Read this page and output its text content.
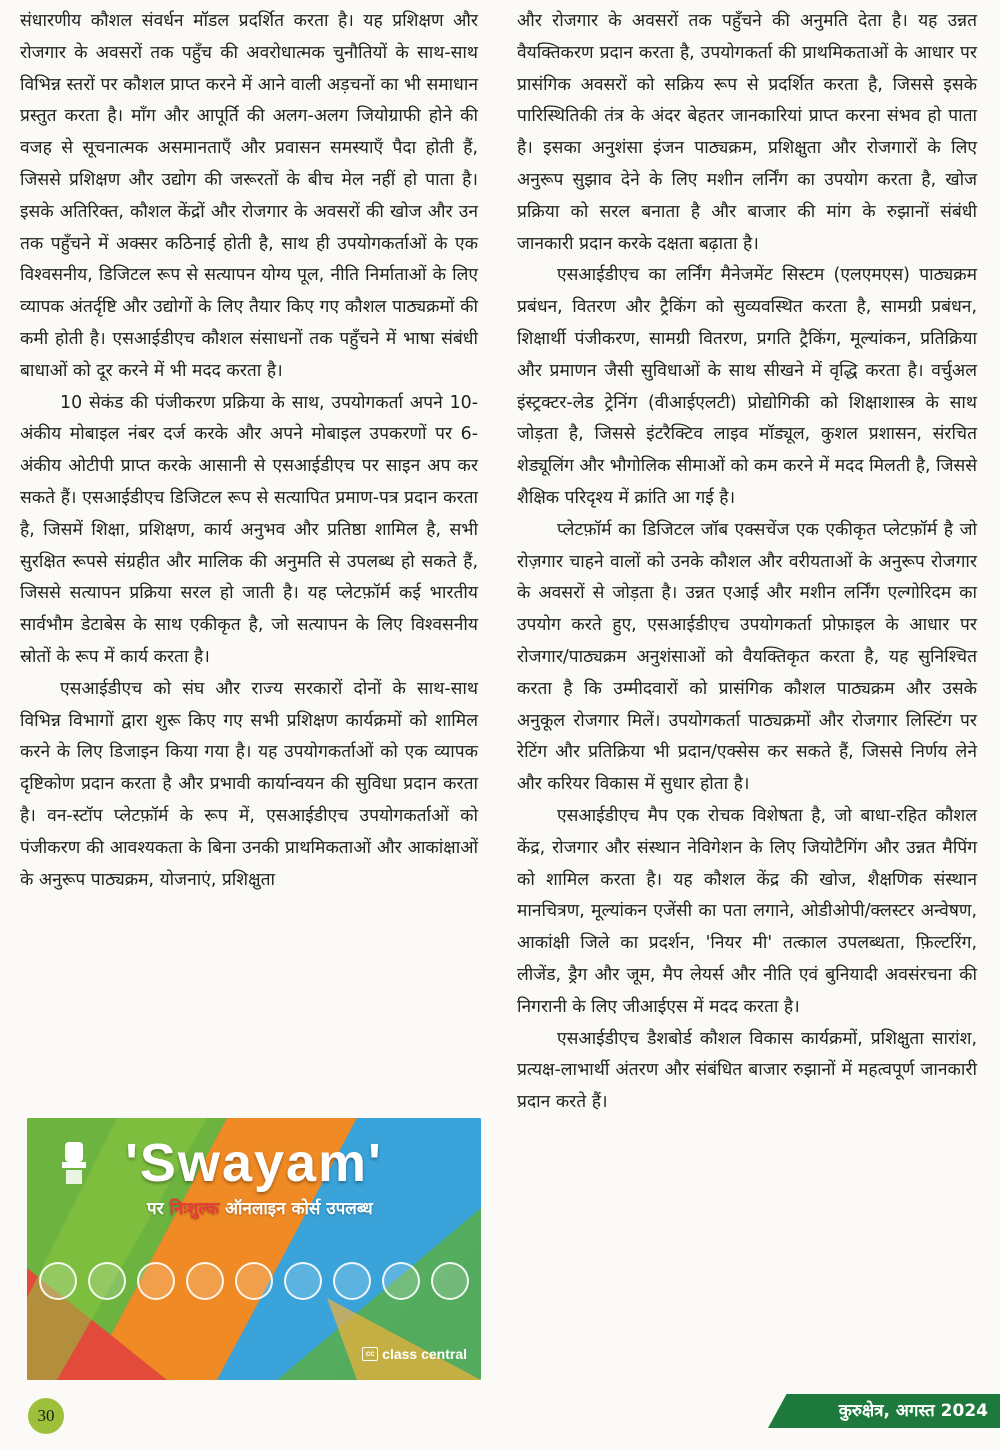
संधारणीय कौशल संवर्धन मॉडल प्रदर्शित करता है। यह प्रशिक्षण और रोजगार के अवसरों तक पहुँच की अवरोधात्मक चुनौतियों के साथ-साथ विभिन्न स्तरों पर कौशल प्राप्त करने में आने वाली अड़चनों का भी समाधान प्रस्तुत करता है। माँग और आपूर्ति की अलग-अलग जियोग्राफी होने की वजह से सूचनात्मक असमानताएँ और प्रवासन समस्याएँ पैदा होती हैं, जिससे प्रशिक्षण और उद्योग की जरूरतों के बीच मेल नहीं हो पाता है। इसके अतिरिक्त, कौशल केंद्रों और रोजगार के अवसरों की खोज और उन तक पहुँचने में अक्सर कठिनाई होती है, साथ ही उपयोगकर्ताओं के एक विश्वसनीय, डिजिटल रूप से सत्यापन योग्य पूल, नीति निर्माताओं के लिए व्यापक अंतर्दृष्टि और उद्योगों के लिए तैयार किए गए कौशल पाठ्यक्रमों की कमी होती है। एसआईडीएच कौशल संसाधनों तक पहुँचने में भाषा संबंधी बाधाओं को दूर करने में भी मदद करता है।

10 सेकंड की पंजीकरण प्रक्रिया के साथ, उपयोगकर्ता अपने 10-अंकीय मोबाइल नंबर दर्ज करके और अपने मोबाइल उपकरणों पर 6-अंकीय ओटीपी प्राप्त करके आसानी से एसआईडीएच पर साइन अप कर सकते हैं। एसआईडीएच डिजिटल रूप से सत्यापित प्रमाण-पत्र प्रदान करता है, जिसमें शिक्षा, प्रशिक्षण, कार्य अनुभव और प्रतिष्ठा शामिल है, सभी सुरक्षित रूपसे संग्रहीत और मालिक की अनुमति से उपलब्ध हो सकते हैं, जिससे सत्यापन प्रक्रिया सरल हो जाती है। यह प्लेटफ़ॉर्म कई भारतीय सार्वभौम डेटाबेस के साथ एकीकृत है, जो सत्यापन के लिए विश्वसनीय स्रोतों के रूप में कार्य करता है।

एसआईडीएच को संघ और राज्य सरकारों दोनों के साथ-साथ विभिन्न विभागों द्वारा शुरू किए गए सभी प्रशिक्षण कार्यक्रमों को शामिल करने के लिए डिजाइन किया गया है। यह उपयोगकर्ताओं को एक व्यापक दृष्टिकोण प्रदान करता है और प्रभावी कार्यान्वयन की सुविधा प्रदान करता है। वन-स्टॉप प्लेटफ़ॉर्म के रूप में, एसआईडीएच उपयोगकर्ताओं को पंजीकरण की आवश्यकता के बिना उनकी प्राथमिकताओं और आकांक्षाओं के अनुरूप पाठ्यक्रम, योजनाएं, प्रशिक्षुता

और रोजगार के अवसरों तक पहुँचने की अनुमति देता है। यह उन्नत वैयक्तिकरण प्रदान करता है, उपयोगकर्ता की प्राथमिकताओं के आधार पर प्रासंगिक अवसरों को सक्रिय रूप से प्रदर्शित करता है, जिससे इसके पारिस्थितिकी तंत्र के अंदर बेहतर जानकारियां प्राप्त करना संभव हो पाता है। इसका अनुशंसा इंजन पाठ्यक्रम, प्रशिक्षुता और रोजगारों के लिए अनुरूप सुझाव देने के लिए मशीन लर्निंग का उपयोग करता है, खोज प्रक्रिया को सरल बनाता है और बाजार की मांग के रुझानों संबंधी जानकारी प्रदान करके दक्षता बढ़ाता है।

एसआईडीएच का लर्निंग मैनेजमेंट सिस्टम (एलएमएस) पाठ्यक्रम प्रबंधन, वितरण और ट्रैकिंग को सुव्यवस्थित करता है, सामग्री प्रबंधन, शिक्षार्थी पंजीकरण, सामग्री वितरण, प्रगति ट्रैकिंग, मूल्यांकन, प्रतिक्रिया और प्रमाणन जैसी सुविधाओं के साथ सीखने में वृद्धि करता है। वर्चुअल इंस्ट्रक्टर-लेड ट्रेनिंग (वीआईएलटी) प्रोद्योगिकी को शिक्षाशास्त्र के साथ जोड़ता है, जिससे इंटरैक्टिव लाइव मॉड्यूल, कुशल प्रशासन, संरचित शेड्यूलिंग और भौगोलिक सीमाओं को कम करने में मदद मिलती है, जिससे शैक्षिक परिदृश्य में क्रांति आ गई है।

प्लेटफ़ॉर्म का डिजिटल जॉब एक्सचेंज एक एकीकृत प्लेटफ़ॉर्म है जो रोज़गार चाहने वालों को उनके कौशल और वरीयताओं के अनुरूप रोजगार के अवसरों से जोड़ता है। उन्नत एआई और मशीन लर्निंग एल्गोरिदम का उपयोग करते हुए, एसआईडीएच उपयोगकर्ता प्रोफ़ाइल के आधार पर रोजगार/पाठ्यक्रम अनुशंसाओं को वैयक्तिकृत करता है, यह सुनिश्चित करता है कि उम्मीदवारों को प्रासंगिक कौशल पाठ्यक्रम और उसके अनुकूल रोजगार मिलें। उपयोगकर्ता पाठ्यक्रमों और रोजगार लिस्टिंग पर रेटिंग और प्रतिक्रिया भी प्रदान/एक्सेस कर सकते हैं, जिससे निर्णय लेने और करियर विकास में सुधार होता है।

एसआईडीएच मैप एक रोचक विशेषता है, जो बाधा-रहित कौशल केंद्र, रोजगार और संस्थान नेविगेशन के लिए जियोटैगिंग और उन्नत मैपिंग को शामिल करता है। यह कौशल केंद्र की खोज, शैक्षणिक संस्थान मानचित्रण, मूल्यांकन एजेंसी का पता लगाने, ओडीओपी/क्लस्टर अन्वेषण, आकांक्षी जिले का प्रदर्शन, 'नियर मी' तत्काल उपलब्धता, फ़िल्टरिंग, लीजेंड, ड्रैग और जूम, मैप लेयर्स और नीति एवं बुनियादी अवसंरचना की निगरानी के लिए जीआईएस में मदद करता है।

एसआईडीएच डैशबोर्ड कौशल विकास कार्यक्रमों, प्रशिक्षुता सारांश, प्रत्यक्ष-लाभार्थी अंतरण और संबंधित बाजार रुझानों में महत्वपूर्ण जानकारी प्रदान करते हैं।

'Swayam'
पर निःशुल्क ऑनलाइन कोर्स उपलब्ध
cc class central
30	कुरुक्षेत्र, अगस्त 2024
